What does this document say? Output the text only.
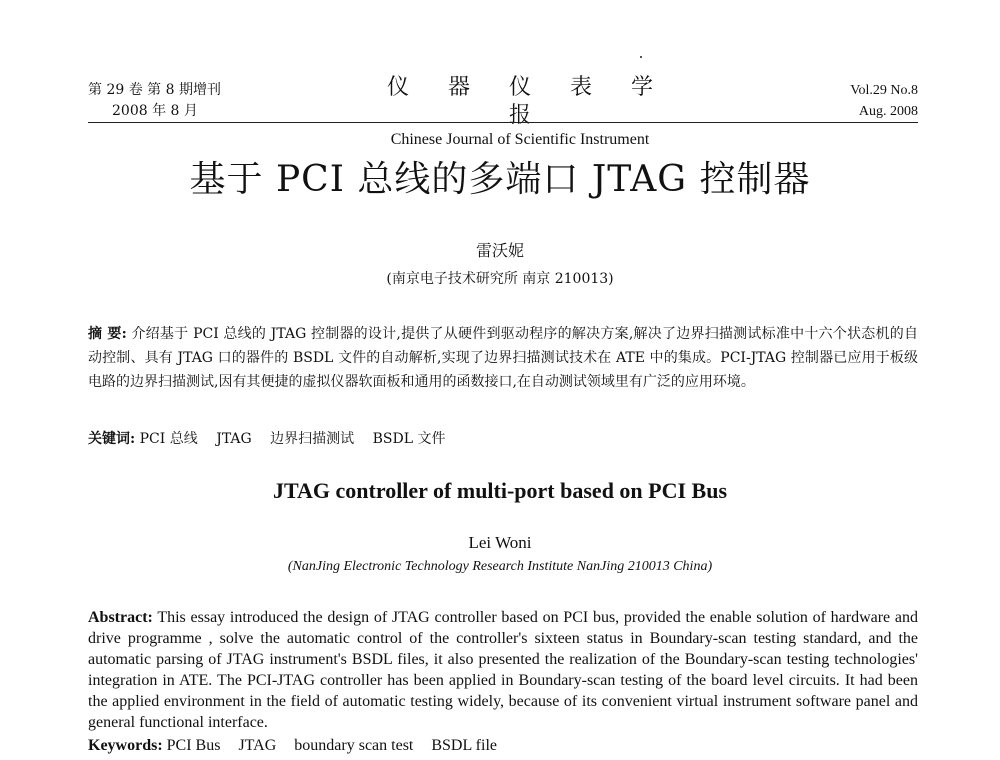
第 29 卷 第 8 期增刊
2008 年 8 月
仪 器 仪 表 学 报
Chinese Journal of Scientific Instrument
Vol.29 No.8
Aug. 2008
基于 PCI 总线的多端口 JTAG 控制器
雷沃妮
(南京电子技术研究所 南京 210013)
摘 要: 介绍基于 PCI 总线的 JTAG 控制器的设计,提供了从硬件到驱动程序的解决方案,解决了边界扫描测试标准中十六个状态机的自动控制、具有 JTAG 口的器件的 BSDL 文件的自动解析,实现了边界扫描测试技术在 ATE 中的集成。PCI-JTAG 控制器已应用于板级电路的边界扫描测试,因有其便捷的虚拟仪器软面板和通用的函数接口,在自动测试领域里有广泛的应用环境。
关键词: PCI 总线 JTAG 边界扫描测试 BSDL 文件
JTAG controller of multi-port based on PCI Bus
Lei Woni
(NanJing Electronic Technology Research Institute NanJing 210013 China)
Abstract: This essay introduced the design of JTAG controller based on PCI bus, provided the enable solution of hardware and drive programme , solve the automatic control of the controller's sixteen status in Boundary-scan testing standard, and the automatic parsing of JTAG instrument's BSDL files, it also presented the realization of the Boundary-scan testing technologies' integration in ATE. The PCI-JTAG controller has been applied in Boundary-scan testing of the board level circuits. It had been the applied environment in the field of automatic testing widely, because of its convenient virtual instrument software panel and general functional interface.
Keywords: PCI Bus JTAG boundary scan test BSDL file
